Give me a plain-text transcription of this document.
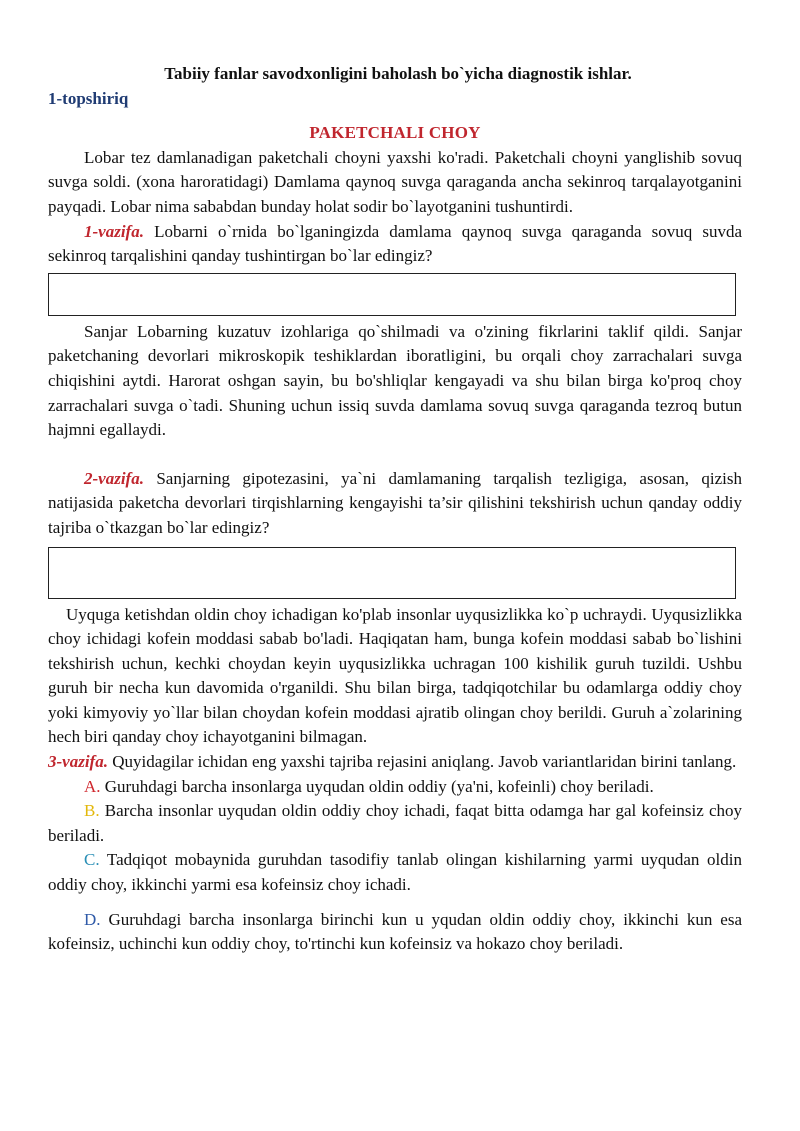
Tabiiy fanlar savodxonligini baholash bo`yicha diagnostik ishlar.

1-topshiriq

PAKETCHALI CHOY

Lobar tez damlanadigan paketchali choyni yaxshi ko'radi. Paketchali choyni yanglishib sovuq suvga soldi. (xona haroratidagi) Damlama qaynoq suvga qaraganda ancha sekinroq tarqalayotganini payqadi. Lobar nima sababdan bunday holat sodir bo`layotganini tushuntirdi.

1-vazifa. Lobarni o`rnida bo`lganingizda damlama qaynoq suvga qaraganda sovuq suvda sekinroq tarqalishini qanday tushintirgan bo`lar edingiz?

Sanjar Lobarning kuzatuv izohlariga qo`shilmadi va o'zining fikrlarini taklif qildi. Sanjar paketchaning devorlari mikroskopik teshiklardan iboratligini, bu orqali choy zarrachalari suvga chiqishini aytdi. Harorat oshgan sayin, bu bo'shliqlar kengayadi va shu bilan birga ko'proq choy zarrachalari suvga o`tadi. Shuning uchun issiq suvda damlama sovuq suvga qaraganda tezroq butun hajmni egallaydi.

2-vazifa. Sanjarning gipotezasini, ya`ni damlamaning tarqalish tezligiga, asosan, qizish natijasida paketcha devorlari tirqishlarning kengayishi ta’sir qilishini tekshirish uchun qanday oddiy tajriba o`tkazgan bo`lar edingiz?

Uyquga ketishdan oldin choy ichadigan ko'plab insonlar uyqusizlikka ko`p uchraydi. Uyqusizlikka choy ichidagi kofein moddasi sabab bo'ladi. Haqiqatan ham, bunga kofein moddasi sabab bo`lishini tekshirish uchun, kechki choydan keyin uyqusizlikka uchragan 100 kishilik guruh tuzildi. Ushbu guruh bir necha kun davomida o'rganildi. Shu bilan birga, tadqiqotchilar bu odamlarga oddiy choy yoki kimyoviy yo`llar bilan choydan kofein moddasi ajratib olingan choy berildi. Guruh a`zolarining hech biri qanday choy ichayotganini bilmagan.

3-vazifa. Quyidagilar ichidan eng yaxshi tajriba rejasini aniqlang. Javob variantlaridan birini tanlang.

A. Guruhdagi barcha insonlarga uyqudan oldin oddiy (ya'ni, kofeinli) choy beriladi.

B. Barcha insonlar uyqudan oldin oddiy choy ichadi, faqat bitta odamga har gal kofeinsiz choy beriladi.

C. Tadqiqot mobaynida guruhdan tasodifiy tanlab olingan kishilarning yarmi uyqudan oldin oddiy choy, ikkinchi yarmi esa kofeinsiz choy ichadi.

D. Guruhdagi barcha insonlarga birinchi kun u yqudan oldin oddiy choy, ikkinchi kun esa kofeinsiz, uchinchi kun oddiy choy, to'rtinchi kun kofeinsiz va hokazo choy beriladi.
